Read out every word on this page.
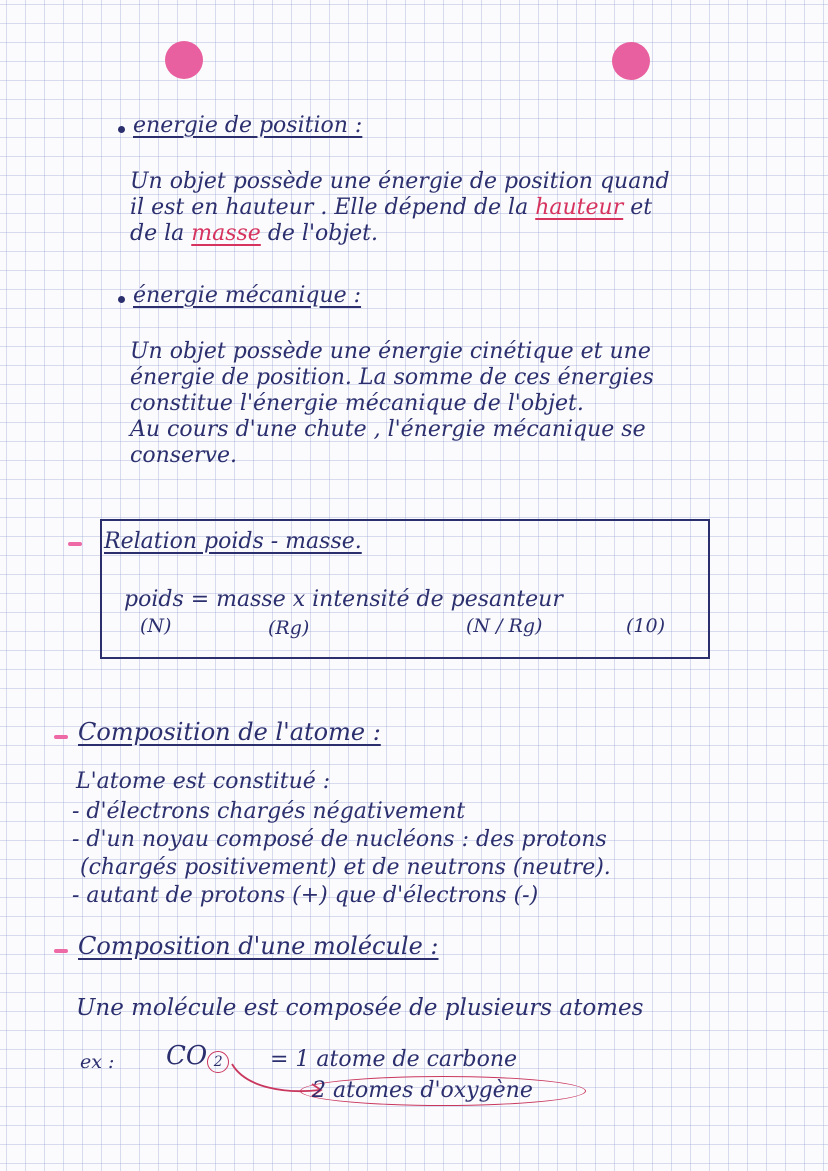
energie de position :
Un objet possède une énergie de position quand
il est en hauteur . Elle dépend de la hauteur et
de la masse de l'objet.
énergie mécanique :
Un objet possède une énergie cinétique et une
énergie de position. La somme de ces énergies
constitue l'énergie mécanique de l'objet.
Au cours d'une chute , l'énergie mécanique se
conserve.
Relation poids - masse.
poids = masse x intensité de pesanteur
(N)	(Rg)	(N / Rg)	(10)
Composition de l'atome :
L'atome est constitué :
- d'électrons chargés négativement
- d'un noyau composé de nucléons : des protons
(chargés positivement) et de neutrons (neutre).
- autant de protons (+) que d'électrons (-)
Composition d'une molécule :
Une molécule est composée de plusieurs atomes
ex : CO 2 = 1 atome de carbone
2 atomes d'oxygène
